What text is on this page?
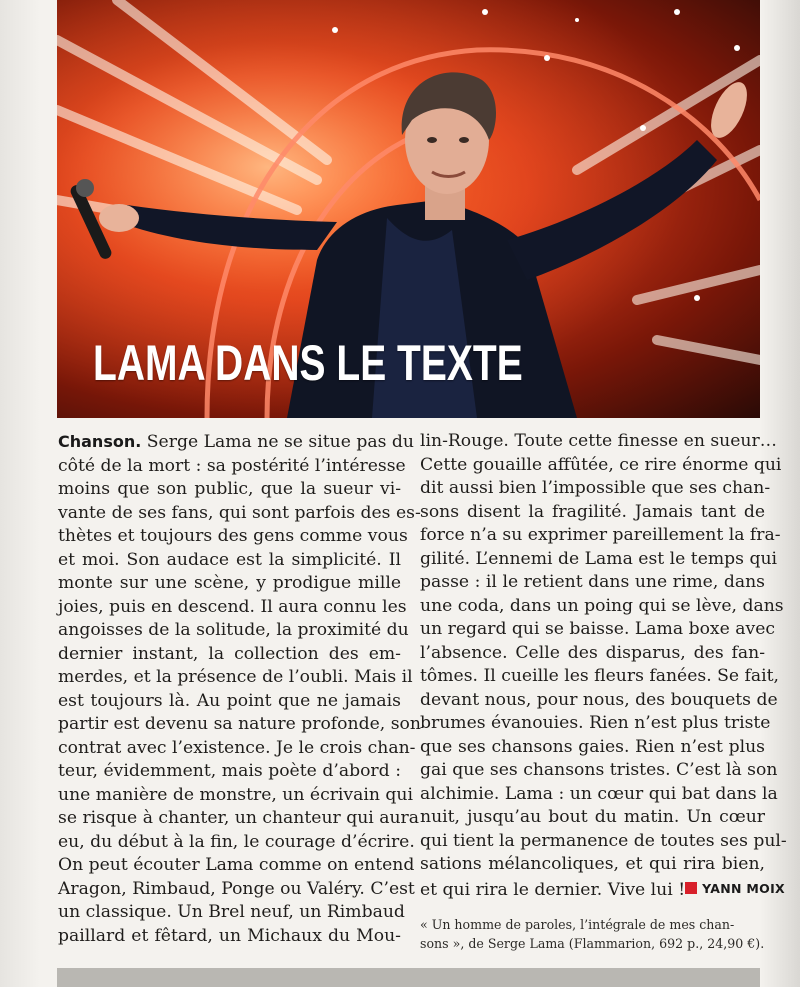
LAMA DANS LE TEXTE
Chanson. Serge Lama ne se situe pas du
côté de la mort : sa postérité l’intéresse
moins que son public, que la sueur vi-
vante de ses fans, qui sont parfois des es-
thètes et toujours des gens comme vous
et moi. Son audace est la simplicité. Il
monte sur une scène, y prodigue mille
joies, puis en descend. Il aura connu les
angoisses de la solitude, la proximité du
dernier instant, la collection des em-
merdes, et la présence de l’oubli. Mais il
est toujours là. Au point que ne jamais
partir est devenu sa nature profonde, son
contrat avec l’existence. Je le crois chan-
teur, évidemment, mais poète d’abord :
une manière de monstre, un écrivain qui
se risque à chanter, un chanteur qui aura
eu, du début à la fin, le courage d’écrire.
On peut écouter Lama comme on entend
Aragon, Rimbaud, Ponge ou Valéry. C’est
un classique. Un Brel neuf, un Rimbaud
paillard et fêtard, un Michaux du Mou-
lin-Rouge. Toute cette finesse en sueur…
Cette gouaille affûtée, ce rire énorme qui
dit aussi bien l’impossible que ses chan-
sons disent la fragilité. Jamais tant de
force n’a su exprimer pareillement la fra-
gilité. L’ennemi de Lama est le temps qui
passe : il le retient dans une rime, dans
une coda, dans un poing qui se lève, dans
un regard qui se baisse. Lama boxe avec
l’absence. Celle des disparus, des fan-
tômes. Il cueille les fleurs fanées. Se fait,
devant nous, pour nous, des bouquets de
brumes évanouies. Rien n’est plus triste
que ses chansons gaies. Rien n’est plus
gai que ses chansons tristes. C’est là son
alchimie. Lama : un cœur qui bat dans la
nuit, jusqu’au bout du matin. Un cœur
qui tient la permanence de toutes ses pul-
sations mélancoliques, et qui rira bien,
et qui rira le dernier. Vive lui ! YANN MOIX
« Un homme de paroles, l’intégrale de mes chan-
sons », de Serge Lama (Flammarion, 692 p., 24,90 €).
